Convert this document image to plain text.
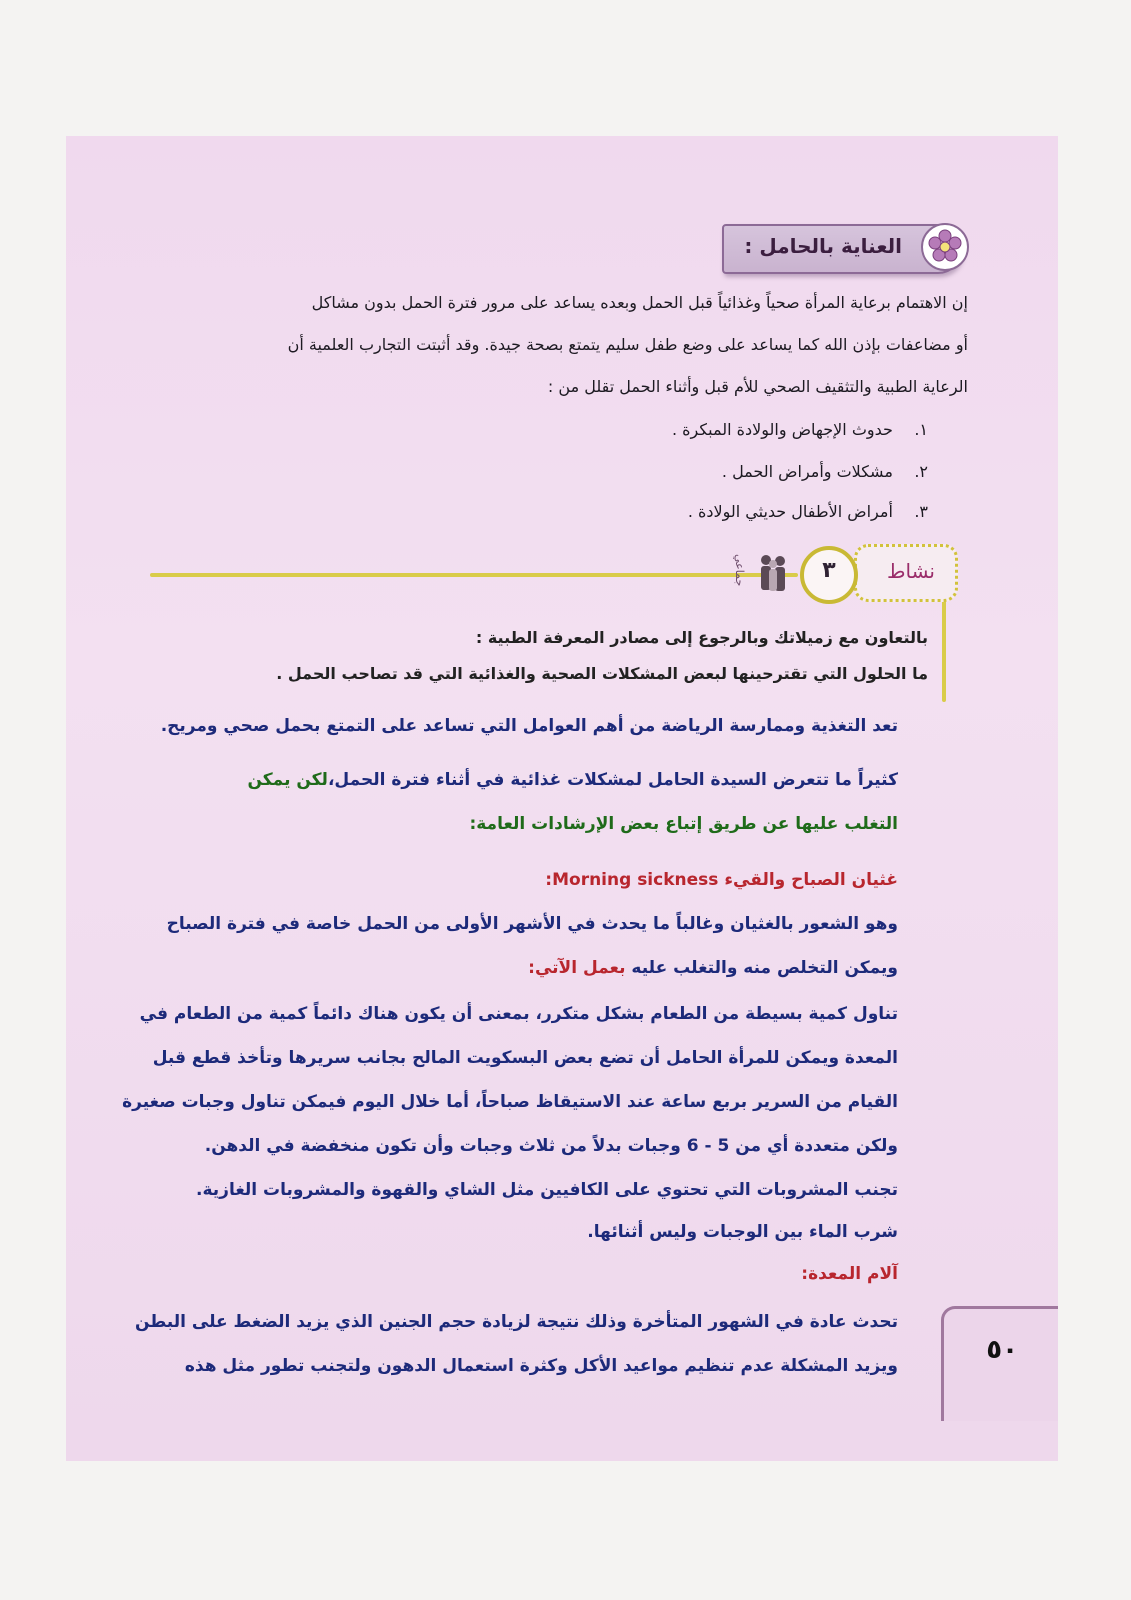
العناية بالحامل :
إن الاهتمام برعاية المرأة صحياً وغذائياً قبل الحمل وبعده يساعد على مرور فترة الحمل بدون مشاكل
أو مضاعفات بإذن الله كما يساعد على وضع طفل سليم يتمتع بصحة جيدة. وقد أثبتت التجارب العلمية أن
الرعاية الطبية والتثقيف الصحي للأم قبل وأثناء الحمل تقلل من :
١. حدوث الإجهاض والولادة المبكرة .
٢. مشكلات وأمراض الحمل .
٣. أمراض الأطفال حديثي الولادة .
نشاط
٣
جماعي
بالتعاون مع زميلاتك وبالرجوع إلى مصادر المعرفة الطبية :
ما الحلول التي تقترحينها لبعض المشكلات الصحية والغذائية التي قد تصاحب الحمل .
تعد التغذية وممارسة الرياضة من أهم العوامل التي تساعد على التمتع بحمل صحي ومريح.
كثيراً ما تتعرض السيدة الحامل لمشكلات غذائية في أثناء فترة الحمل،لكن يمكن
التغلب عليها عن طريق إتباع بعض الإرشادات العامة:
غثيان الصباح والقيء Morning sickness:
وهو الشعور بالغثيان وغالباً ما يحدث في الأشهر الأولى من الحمل خاصة في فترة الصباح
ويمكن التخلص منه والتغلب عليه بعمل الآتي:
تناول كمية بسيطة من الطعام بشكل متكرر، بمعنى أن يكون هناك دائماً كمية من الطعام في
المعدة ويمكن للمرأة الحامل أن تضع بعض البسكويت المالح بجانب سريرها وتأخذ قطع قبل
القيام من السرير بربع ساعة عند الاستيقاظ صباحاً، أما خلال اليوم فيمكن تناول وجبات صغيرة
ولكن متعددة أي من 5 - 6 وجبات بدلاً من ثلاث وجبات وأن تكون منخفضة في الدهن.
تجنب المشروبات التي تحتوي على الكافيين مثل الشاي والقهوة والمشروبات الغازية.
شرب الماء بين الوجبات وليس أثنائها.
آلام المعدة:
تحدث عادة في الشهور المتأخرة وذلك نتيجة لزيادة حجم الجنين الذي يزيد الضغط على البطن
ويزيد المشكلة عدم تنظيم مواعيد الأكل وكثرة استعمال الدهون ولتجنب تطور مثل هذه
٥٠
